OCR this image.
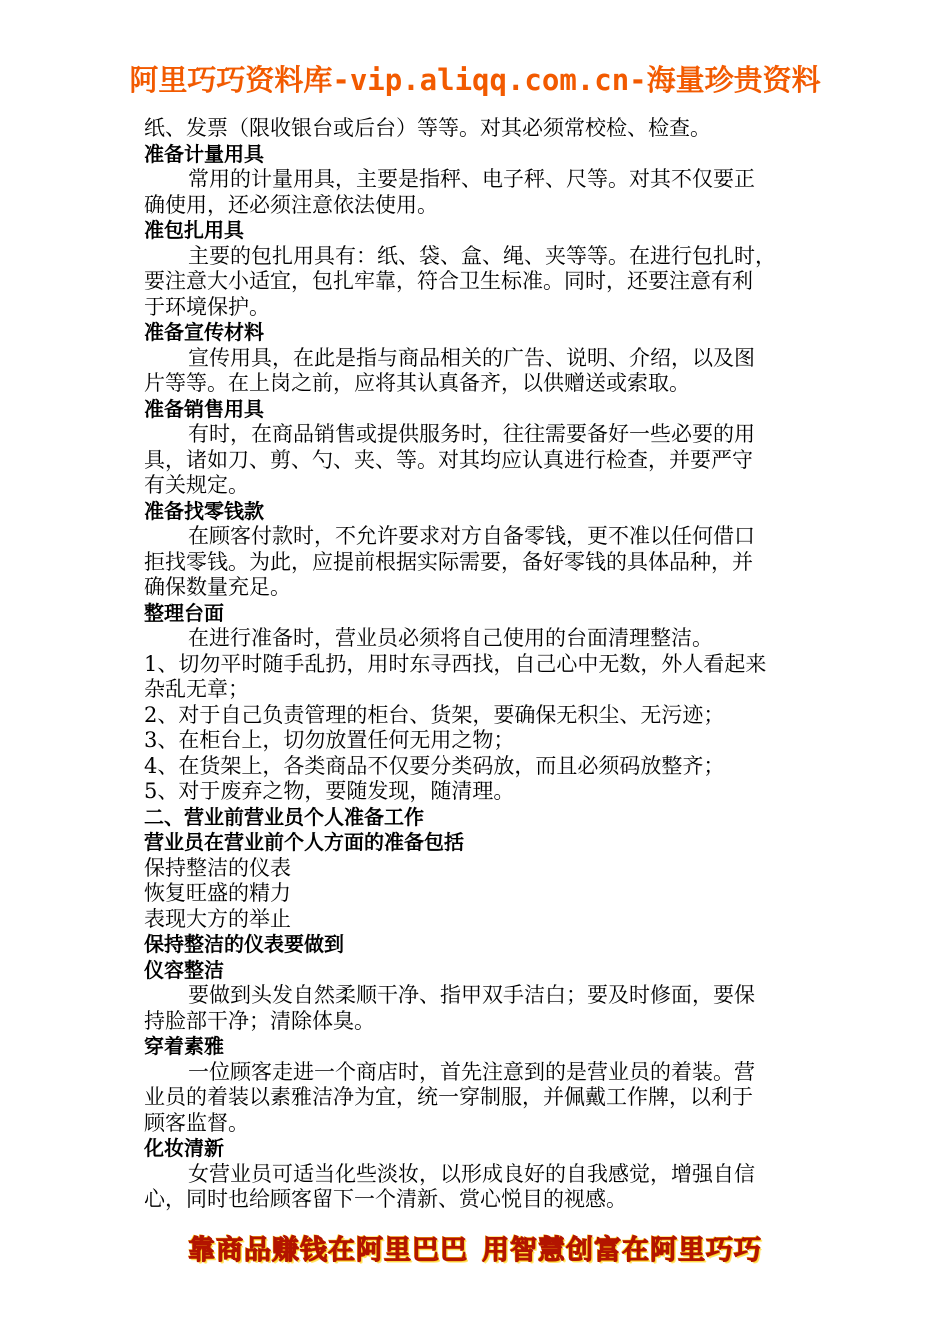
阿里巧巧资料库-vip.aliqq.com.cn-海量珍贵资料
纸、发票（限收银台或后台）等等。对其必须常校检、检查。
准备计量用具
常用的计量用具，主要是指秤、电子秤、尺等。对其不仅要正
确使用，还必须注意依法使用。
准包扎用具
主要的包扎用具有：纸、袋、盒、绳、夹等等。在进行包扎时，
要注意大小适宜，包扎牢靠，符合卫生标准。同时，还要注意有利
于环境保护。
准备宣传材料
宣传用具，在此是指与商品相关的广告、说明、介绍，以及图
片等等。在上岗之前，应将其认真备齐，以供赠送或索取。
准备销售用具
有时，在商品销售或提供服务时，往往需要备好一些必要的用
具，诸如刀、剪、勺、夹、等。对其均应认真进行检查，并要严守
有关规定。
准备找零钱款
在顾客付款时，不允许要求对方自备零钱，更不准以任何借口
拒找零钱。为此，应提前根据实际需要，备好零钱的具体品种，并
确保数量充足。
整理台面
在进行准备时，营业员必须将自己使用的台面清理整洁。
1、切勿平时随手乱扔，用时东寻西找，自己心中无数，外人看起来
杂乱无章；
2、对于自己负责管理的柜台、货架，要确保无积尘、无污迹；
3、在柜台上，切勿放置任何无用之物；
4、在货架上，各类商品不仅要分类码放，而且必须码放整齐；
5、对于废弃之物，要随发现，随清理。
二、营业前营业员个人准备工作
营业员在营业前个人方面的准备包括
保持整洁的仪表
恢复旺盛的精力
表现大方的举止
保持整洁的仪表要做到
仪容整洁
要做到头发自然柔顺干净、指甲双手洁白；要及时修面，要保
持脸部干净；清除体臭。
穿着素雅
一位顾客走进一个商店时，首先注意到的是营业员的着装。营
业员的着装以素雅洁净为宜，统一穿制服，并佩戴工作牌，以利于
顾客监督。
化妆清新
女营业员可适当化些淡妆，以形成良好的自我感觉，增强自信
心，同时也给顾客留下一个清新、赏心悦目的视感。
靠商品赚钱在阿里巴巴 用智慧创富在阿里巧巧
